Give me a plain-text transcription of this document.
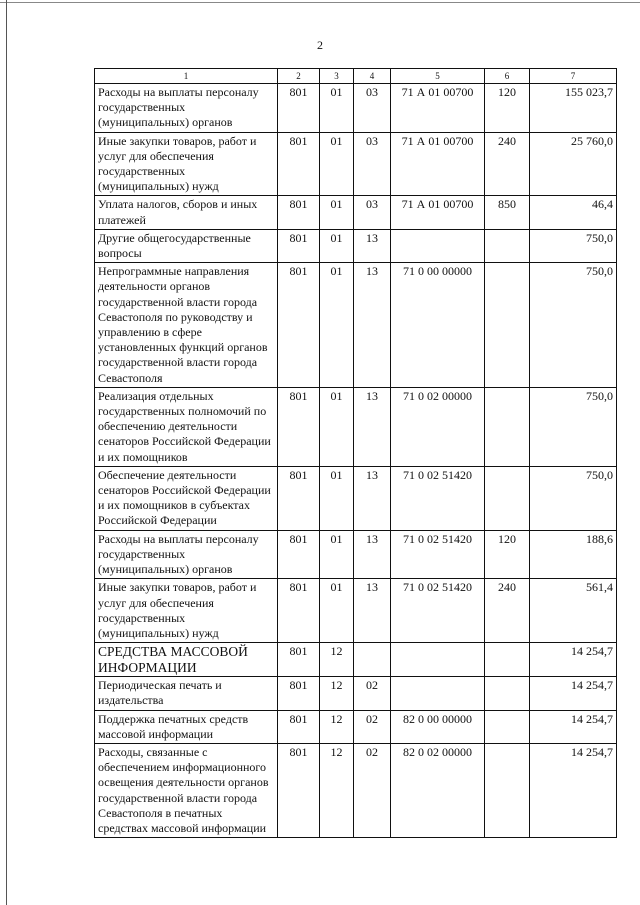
2
1	2	3	4	5	6	7
Расходы на выплаты персоналу государственных (муниципальных) органов	801	01	03	71 А 01 00700	120	155 023,7
Иные закупки товаров, работ и услуг для обеспечения государственных (муниципальных) нужд	801	01	03	71 А 01 00700	240	25 760,0
Уплата налогов, сборов и иных платежей	801	01	03	71 А 01 00700	850	46,4
Другие общегосударственные вопросы	801	01	13			750,0
Непрограммные направления деятельности органов государственной власти города Севастополя по руководству и управлению в сфере установленных функций органов государственной власти города Севастополя	801	01	13	71 0 00 00000		750,0
Реализация отдельных государственных полномочий по обеспечению деятельности сенаторов Российской Федерации и их помощников	801	01	13	71 0 02 00000		750,0
Обеспечение деятельности сенаторов Российской Федерации и их помощников в субъектах Российской Федерации	801	01	13	71 0 02 51420		750,0
Расходы на выплаты персоналу государственных (муниципальных) органов	801	01	13	71 0 02 51420	120	188,6
Иные закупки товаров, работ и услуг для обеспечения государственных (муниципальных) нужд	801	01	13	71 0 02 51420	240	561,4
СРЕДСТВА МАССОВОЙ ИНФОРМАЦИИ	801	12				14 254,7
Периодическая печать и издательства	801	12	02			14 254,7
Поддержка печатных средств массовой информации	801	12	02	82 0 00 00000		14 254,7
Расходы, связанные с обеспечением информационного освещения деятельности органов государственной власти города Севастополя в печатных средствах массовой информации	801	12	02	82 0 02 00000		14 254,7
